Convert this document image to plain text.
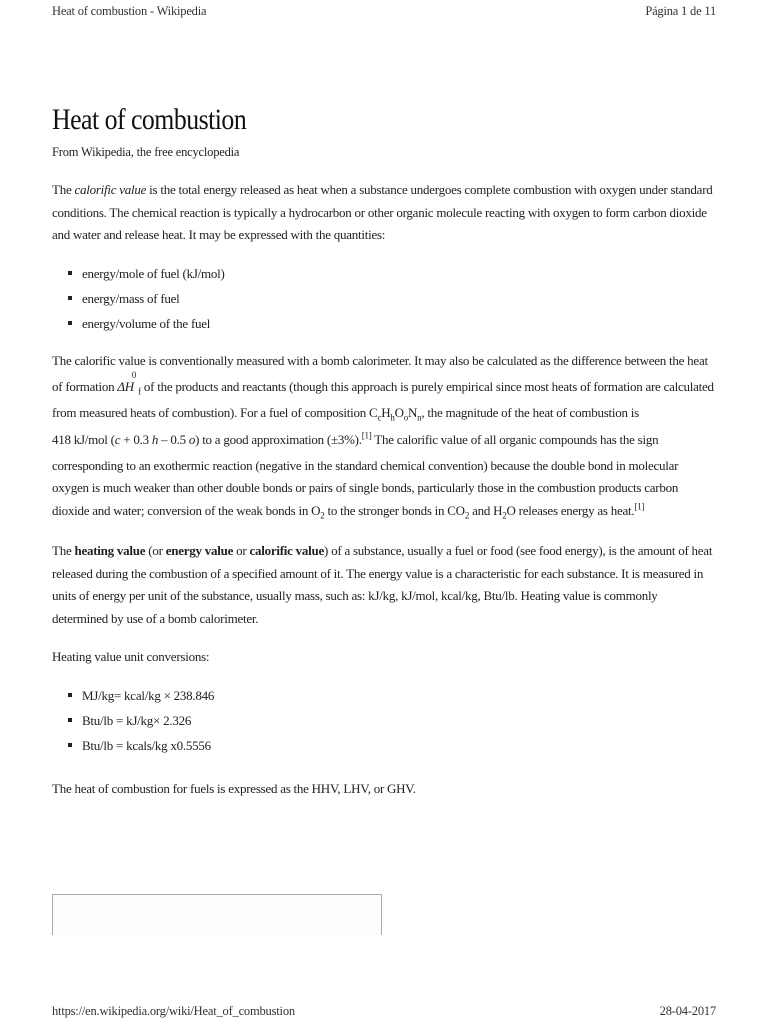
Heat of combustion - Wikipedia	Página 1 de 11
Heat of combustion
From Wikipedia, the free encyclopedia

The calorific value is the total energy released as heat when a substance undergoes complete combustion with oxygen under standard conditions. The chemical reaction is typically a hydrocarbon or other organic molecule reacting with oxygen to form carbon dioxide and water and release heat. It may be expressed with the quantities:

energy/mole of fuel (kJ/mol)
energy/mass of fuel
energy/volume of the fuel

The calorific value is conventionally measured with a bomb calorimeter. It may also be calculated as the difference between the heat of formation $\Delta H^0_f$ of the products and reactants (though this approach is purely empirical since most heats of formation are calculated from measured heats of combustion). For a fuel of composition $C_cH_hO_oN_n$, the magnitude of the heat of combustion is
418 kJ/mol (c + 0.3 h – 0.5 o) to a good approximation (±3%).[1] The calorific value of all organic compounds has the sign corresponding to an exothermic reaction (negative in the standard chemical convention) because the double bond in molecular oxygen is much weaker than other double bonds or pairs of single bonds, particularly those in the combustion products carbon dioxide and water; conversion of the weak bonds in $O_2$ to the stronger bonds in $CO_2$ and $H_2O$ releases energy as heat.[1]

The heating value (or energy value or calorific value) of a substance, usually a fuel or food (see food energy), is the amount of heat released during the combustion of a specified amount of it. The energy value is a characteristic for each substance. It is measured in units of energy per unit of the substance, usually mass, such as: kJ/kg, kJ/mol, kcal/kg, Btu/lb. Heating value is commonly determined by use of a bomb calorimeter.

Heating value unit conversions:

MJ/kg= kcal/kg × 238.846
Btu/lb = kJ/kg× 2.326
Btu/lb = kcals/kg x0.5556

The heat of combustion for fuels is expressed as the HHV, LHV, or GHV.

https://en.wikipedia.org/wiki/Heat_of_combustion	28-04-2017
